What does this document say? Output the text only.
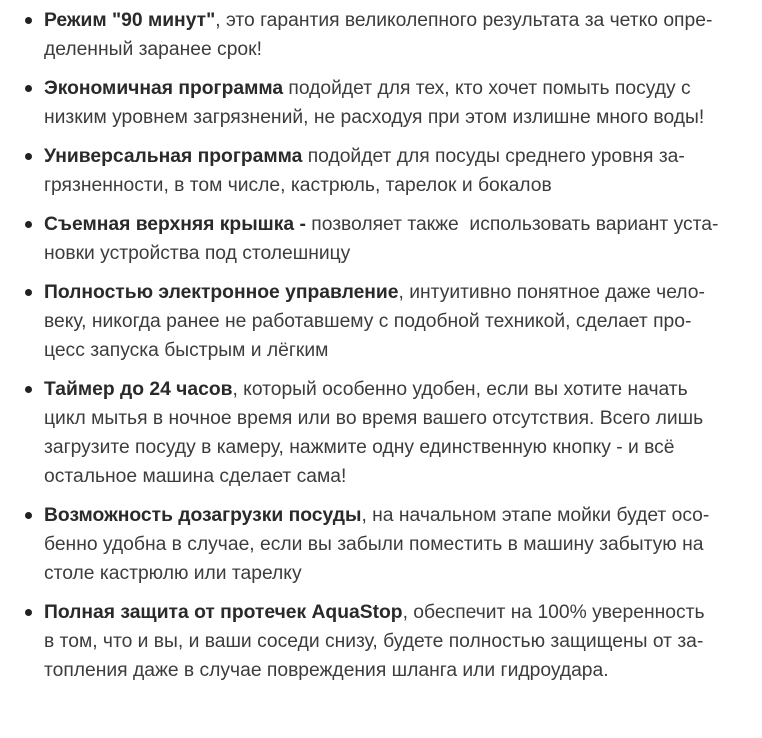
Режим "90 минут", это гарантия великолепного результата за четко опре-
деленный заранее срок!
Экономичная программа подойдет для тех, кто хочет помыть посуду с
низким уровнем загрязнений, не расходуя при этом излишне много воды!
Универсальная программа подойдет для посуды среднего уровня за-
грязненности, в том числе, кастрюль, тарелок и бокалов
Съемная верхняя крышка - позволяет также  использовать вариант уста-
новки устройства под столешницу
Полностью электронное управление, интуитивно понятное даже чело-
веку, никогда ранее не работавшему с подобной техникой, сделает про-
цесс запуска быстрым и лёгким
Таймер до 24 часов, который особенно удобен, если вы хотите начать
цикл мытья в ночное время или во время вашего отсутствия. Всего лишь
загрузите посуду в камеру, нажмите одну единственную кнопку - и всё
остальное машина сделает сама!
Возможность дозагрузки посуды, на начальном этапе мойки будет осо-
бенно удобна в случае, если вы забыли поместить в машину забытую на
столе кастрюлю или тарелку
Полная защита от протечек AquaStop, обеспечит на 100% уверенность
в том, что и вы, и ваши соседи снизу, будете полностью защищены от за-
топления даже в случае повреждения шланга или гидроудара.
